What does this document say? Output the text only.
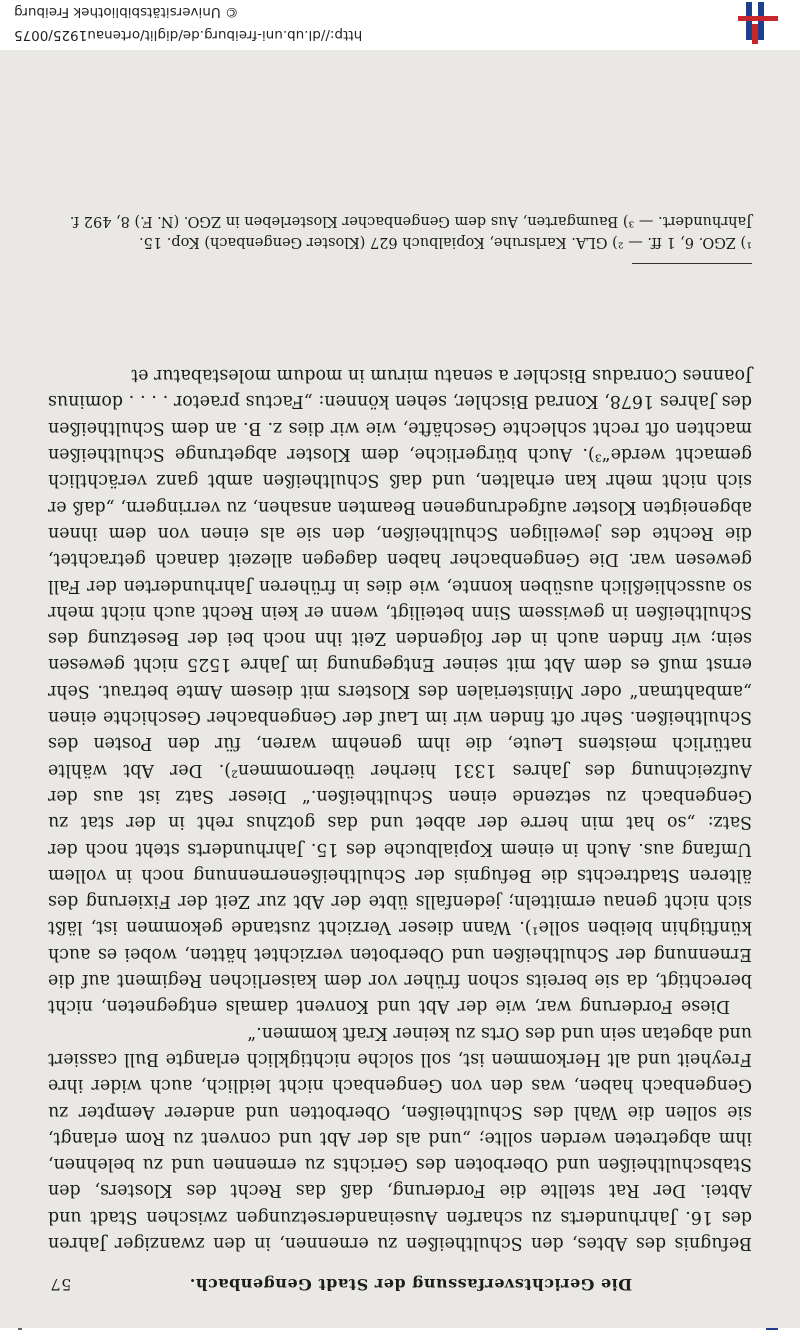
http://dl.ub.uni-freiburg.de/diglit/ortenau1925/0075
© Universitätsbibliothek Freiburg
Die Gerichtsverfassung der Stadt Gengenbach.
57

Befugnis des Abtes, den Schultheißen zu ernennen, in den zwanziger Jahren des 16. Jahrhunderts zu scharfen Auseinandersetzungen zwischen Stadt und Abtei. Der Rat stellte die Forderung, daß das Recht des Klosters, den Stabschultheißen und Oberboten des Gerichts zu ernennen und zu belehnen, ihm abgetreten werden sollte; „und als der Abt und convent zu Rom erlangt, sie sollen die Wahl des Schultheißen, Oberbotten und anderer Aempter zu Gengenbach haben, was den von Gengenbach nicht leidlich, auch wider ihre Freyheit und alt Herkommen ist, soll solche nichtigklich erlangte Bull cassiert und abgetan sein und des Orts zu keiner Kraft kommen.“

Diese Forderung war, wie der Abt und Konvent damals entgegneten, nicht berechtigt, da sie bereits schon früher vor dem kaiserlichen Regiment auf die Ernennung der Schultheißen und Oberboten verzichtet hätten, wobei es auch künftighin bleiben solle¹). Wann dieser Verzicht zustande gekommen ist, läßt sich nicht genau ermitteln; jedenfalls übte der Abt zur Zeit der Fixierung des älteren Stadtrechts die Befugnis der Schultheißenernennung noch in vollem Umfang aus. Auch in einem Kopialbuche des 15. Jahrhunderts steht noch der Satz: „so hat min herre der abbet und das gotzhus reht in der stat zu Gengenbach zu setzende einen Schultheißen.“ Dieser Satz ist aus der Aufzeichnung des Jahres 1331 hierher übernommen²). Der Abt wählte natürlich meistens Leute, die ihm genehm waren, für den Posten des Schultheißen. Sehr oft finden wir im Lauf der Gengenbacher Geschichte einen „ambahtman“ oder Ministerialen des Klosters mit diesem Amte betraut. Sehr ernst muß es dem Abt mit seiner Entgegnung im Jahre 1525 nicht gewesen sein; wir finden auch in der folgenden Zeit ihn noch bei der Besetzung des Schultheißen in gewissem Sinn beteiligt, wenn er kein Recht auch nicht mehr so ausschließlich ausüben konnte, wie dies in früheren Jahrhunderten der Fall gewesen war. Die Gengenbacher haben dagegen allezeit danach getrachtet, die Rechte des jeweiligen Schultheißen, den sie als einen von dem ihnen abgeneigten Kloster aufgedrungenen Beamten ansahen, zu verringern, „daß er sich nicht mehr kan erhalten, und daß Schultheißen ambt ganz verächtlich gemacht werde“³). Auch bürgerliche, dem Kloster abgetrunge Schultheißen machten oft recht schlechte Geschäfte, wie wir dies z. B. an dem Schultheißen des Jahres 1678, Konrad Bischler, sehen können: „Factus praetor . . . . dominus Joannes Conradus Bischler a senatu mirum in modum molestabatur et

¹) ZGO. 6, 1 ff. — ²) GLA. Karlsruhe, Kopialbuch 627 (Kloster Gengenbach) Kop. 15. Jahrhundert. — ³) Baumgarten, Aus dem Gengenbacher Klosterleben in ZGO. (N. F.) 8, 492 f.
